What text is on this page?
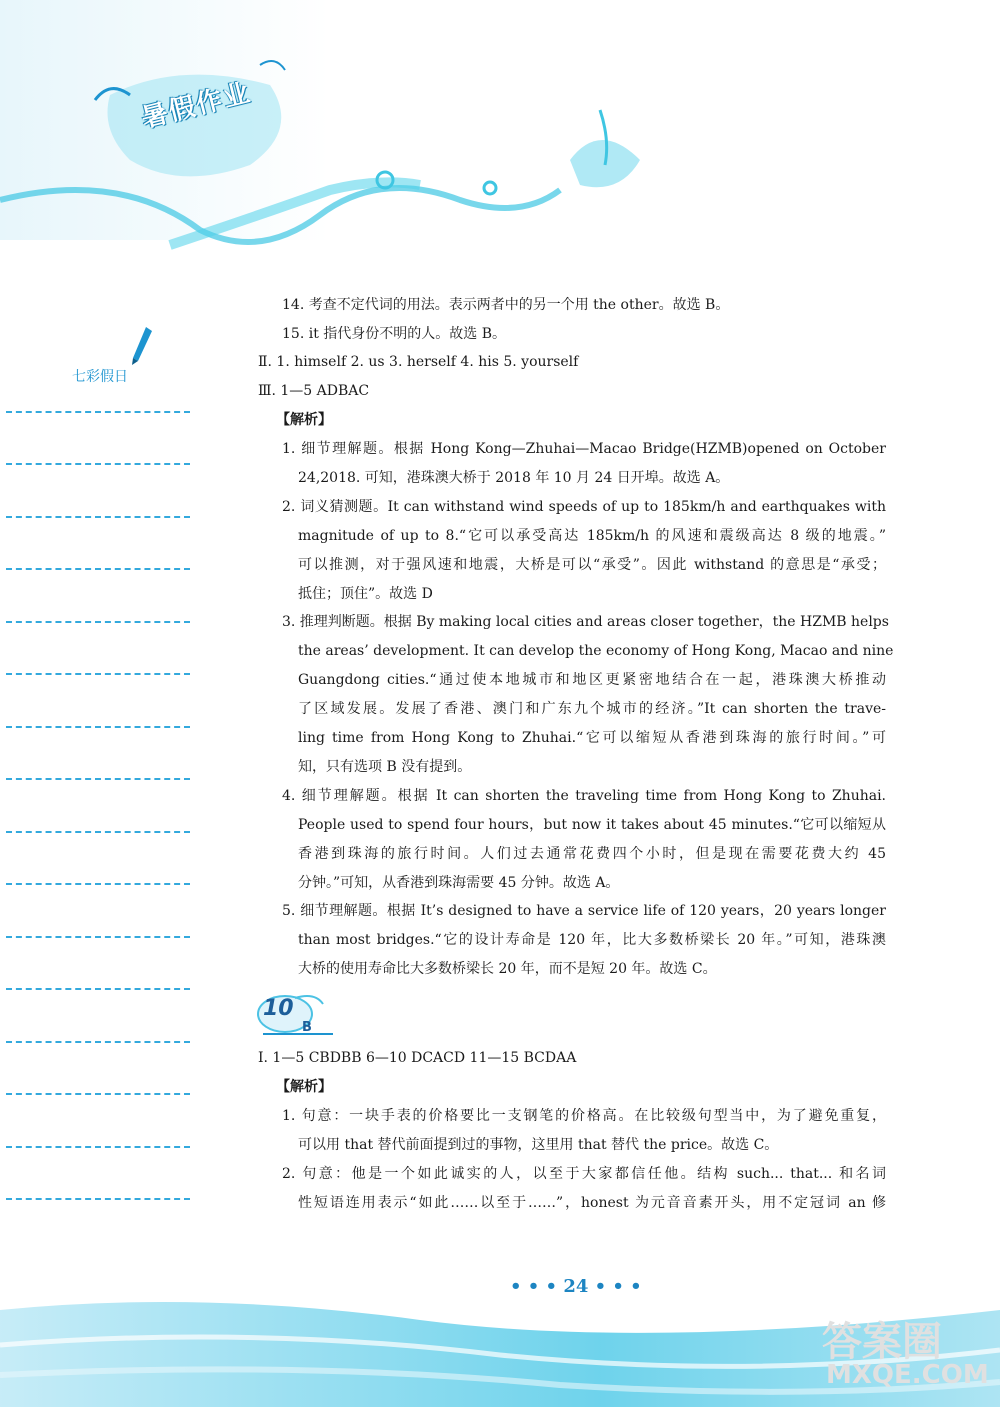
暑假作业
七彩假日
14. 考查不定代词的用法。表示两者中的另一个用 the other。故选 B。
15. it 指代身份不明的人。故选 B。
Ⅱ. 1. himself 2. us 3. herself 4. his 5. yourself
Ⅲ. 1—5 ADBAC
【解析】
1. 细节理解题。根据 Hong Kong—Zhuhai—Macao Bridge(HZMB)opened on October
24,2018. 可知，港珠澳大桥于 2018 年 10 月 24 日开埠。故选 A。
2. 词义猜测题。It can withstand wind speeds of up to 185km/h and earthquakes with
magnitude of up to 8.“它可以承受高达 185km/h 的风速和震级高达 8 级的地震。”
可以推测，对于强风速和地震，大桥是可以“承受”。因此 withstand 的意思是“承受；
抵住；顶住”。故选 D
3. 推理判断题。根据 By making local cities and areas closer together，the HZMB helps
the areas’ development. It can develop the economy of Hong Kong, Macao and nine
Guangdong cities.“通过使本地城市和地区更紧密地结合在一起，港珠澳大桥推动
了区域发展。发展了香港、澳门和广东九个城市的经济。”It can shorten the trave-
ling time from Hong Kong to Zhuhai.“它可以缩短从香港到珠海的旅行时间。”可
知，只有选项 B 没有提到。
4. 细节理解题。根据 It can shorten the traveling time from Hong Kong to Zhuhai.
People used to spend four hours，but now it takes about 45 minutes.“它可以缩短从
香港到珠海的旅行时间。人们过去通常花费四个小时，但是现在需要花费大约 45
分钟。”可知，从香港到珠海需要 45 分钟。故选 A。
5. 细节理解题。根据 It’s designed to have a service life of 120 years，20 years longer
than most bridges.“它的设计寿命是 120 年，比大多数桥梁长 20 年。”可知，港珠澳
大桥的使用寿命比大多数桥梁长 20 年，而不是短 20 年。故选 C。
10
B
Ⅰ. 1—5 CBDBB 6—10 DCACD 11—15 BCDAA
【解析】
1. 句意：一块手表的价格要比一支钢笔的价格高。在比较级句型当中，为了避免重复，
可以用 that 替代前面提到过的事物，这里用 that 替代 the price。故选 C。
2. 句意：他是一个如此诚实的人，以至于大家都信任他。结构 such... that... 和名词
性短语连用表示“如此……以至于……”，honest 为元音音素开头，用不定冠词 an 修
• • • 24 • • •
答案圈
MXQE.COM
